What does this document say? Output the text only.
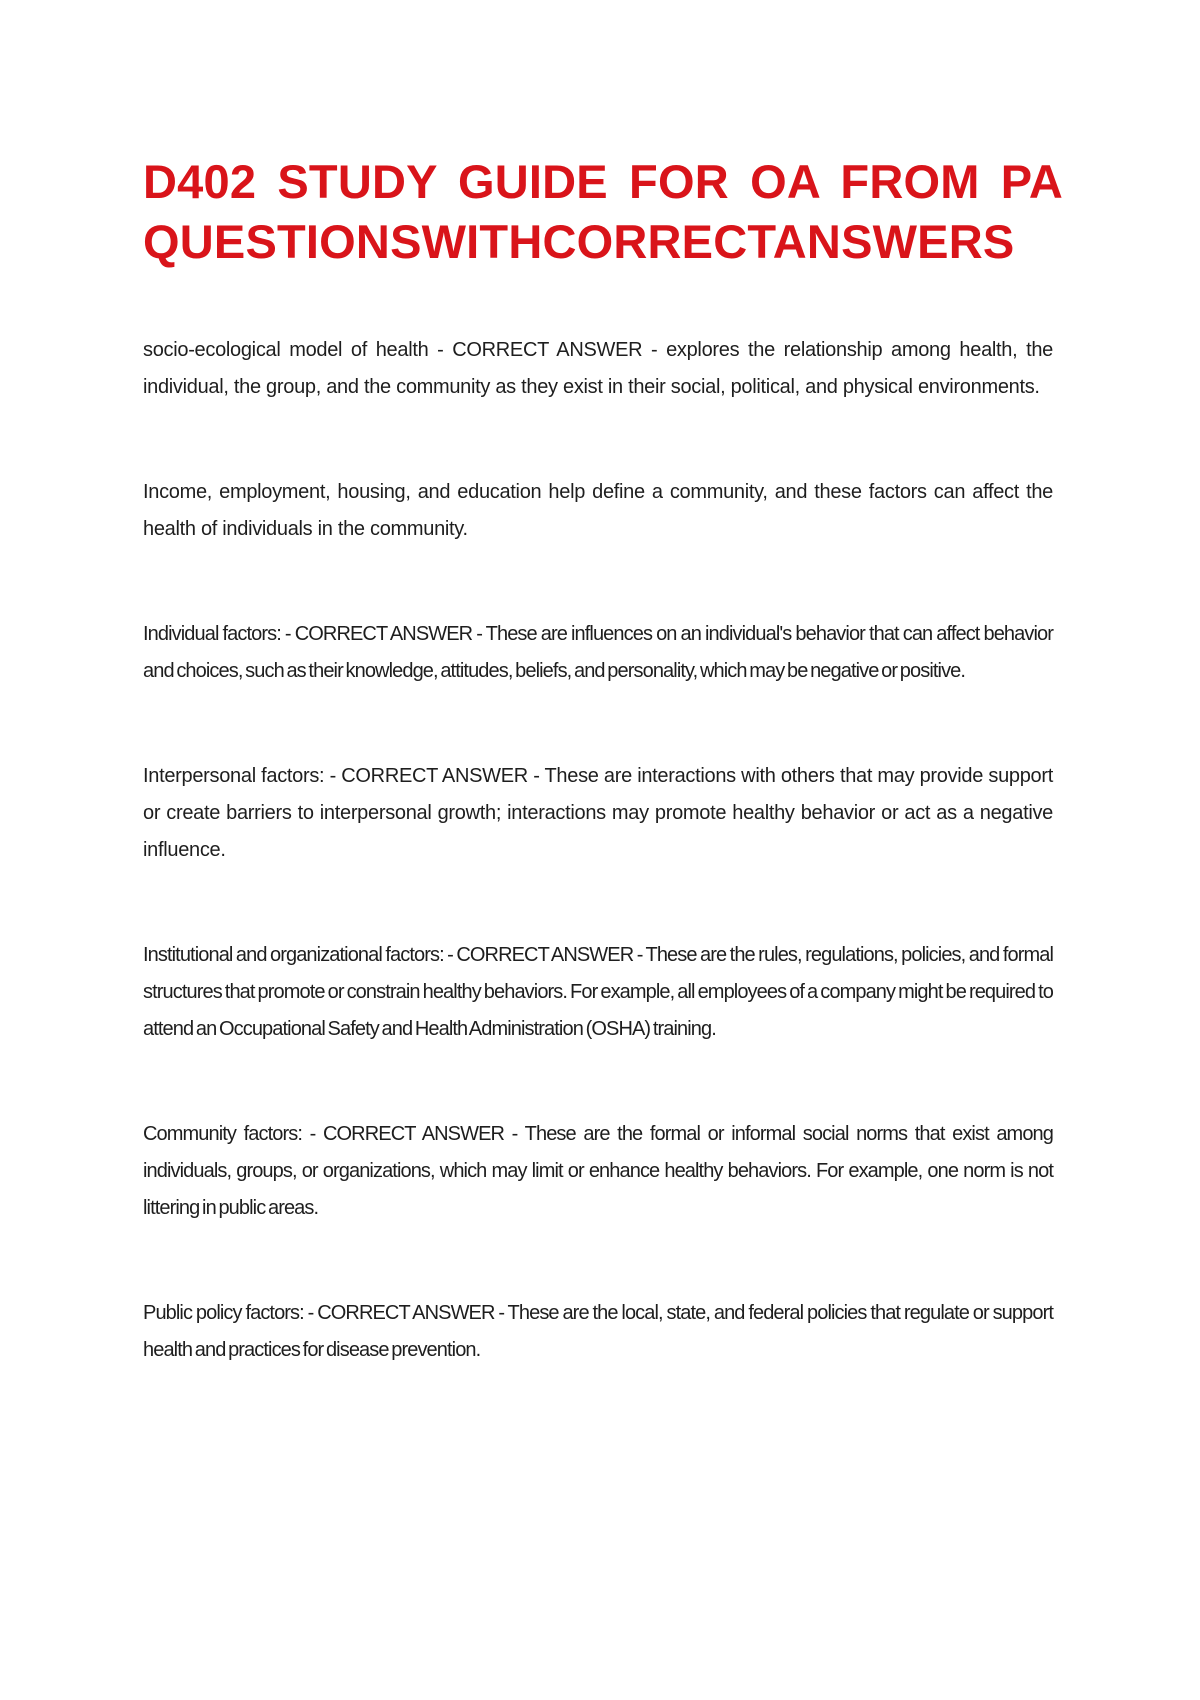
D402 STUDY GUIDE FOR OA FROM PA
QUESTIONSWITHCORRECTANSWERS

socio-ecological model of health - CORRECT ANSWER - explores the relationship among health, the individual, the group, and the community as they exist in their social, political, and physical environments.

Income, employment, housing, and education help define a community, and these factors can affect the health of individuals in the community.

Individual factors: - CORRECT ANSWER - These are influences on an individual's behavior that can affect behavior and choices, such as their knowledge, attitudes, beliefs, and personality, which may be negative or positive.

Interpersonal factors: - CORRECT ANSWER - These are interactions with others that may provide support or create barriers to interpersonal growth; interactions may promote healthy behavior or act as a negative influence.

Institutional and organizational factors: - CORRECT ANSWER - These are the rules, regulations, policies, and formal structures that promote or constrain healthy behaviors. For example, all employees of a company might be required to attend an Occupational Safety and Health Administration (OSHA) training.

Community factors: - CORRECT ANSWER - These are the formal or informal social norms that exist among individuals, groups, or organizations, which may limit or enhance healthy behaviors. For example, one norm is not littering in public areas.

Public policy factors: - CORRECT ANSWER - These are the local, state, and federal policies that regulate or support health and practices for disease prevention.
